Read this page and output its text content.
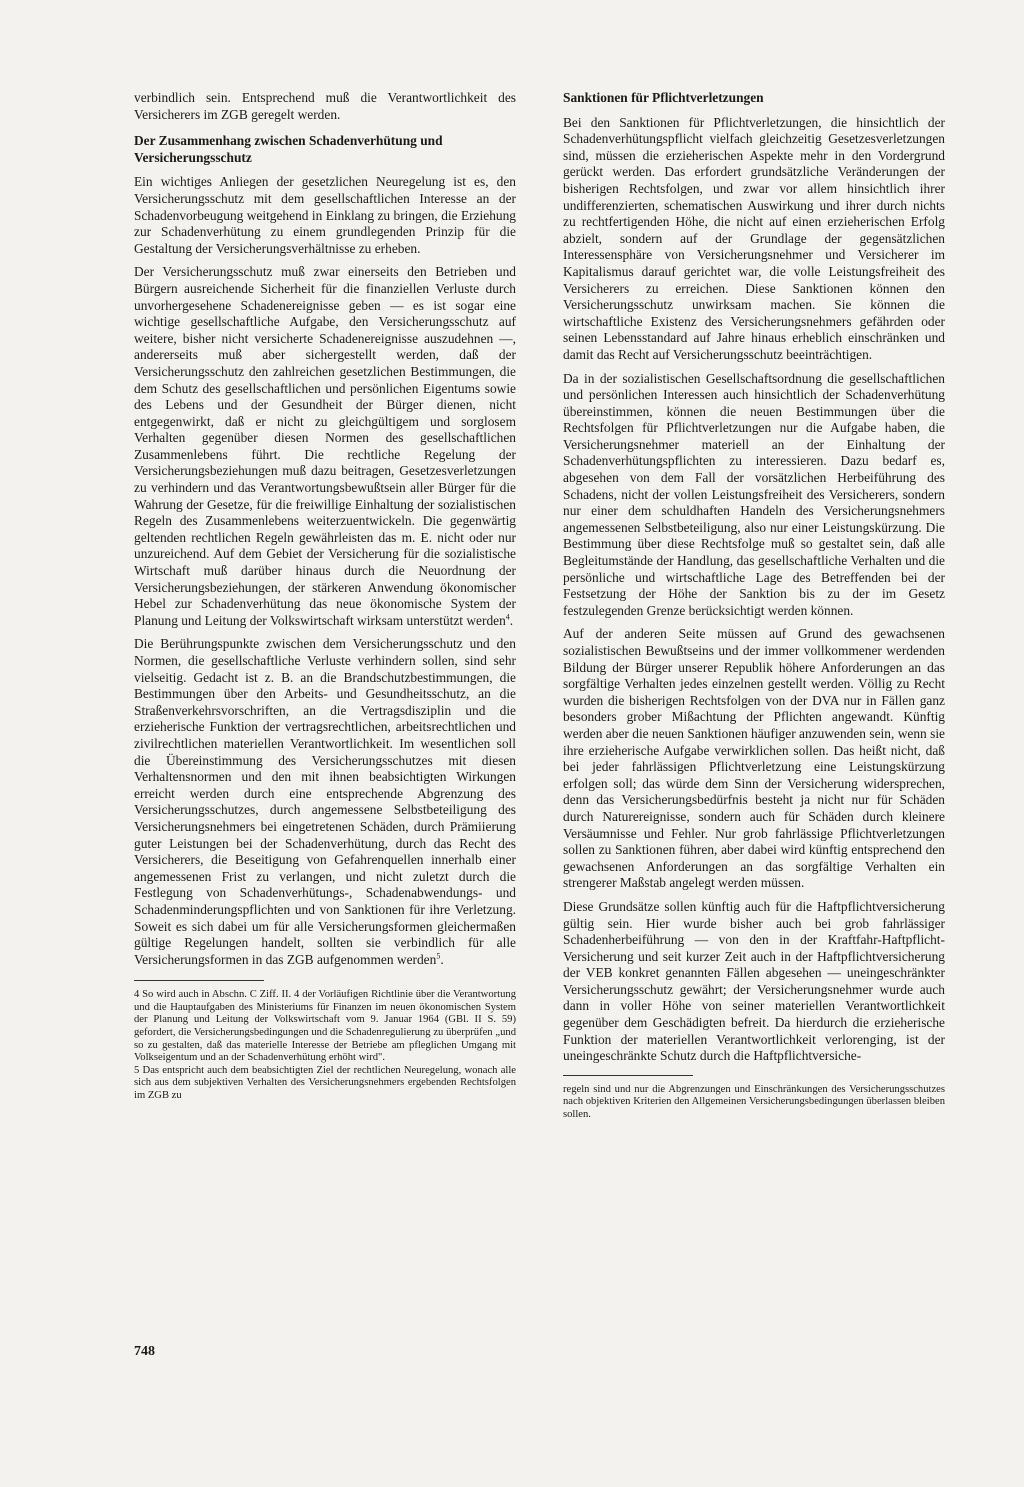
verbindlich sein. Entsprechend muß die Verantwortlichkeit des Versicherers im ZGB geregelt werden.

Der Zusammenhang zwischen Schadenverhütung und Versicherungsschutz

Ein wichtiges Anliegen der gesetzlichen Neuregelung ist es, den Versicherungsschutz mit dem gesellschaftlichen Interesse an der Schadenvorbeugung weitgehend in Einklang zu bringen, die Erziehung zur Schadenverhütung zu einem grundlegenden Prinzip für die Gestaltung der Versicherungsverhältnisse zu erheben.

Der Versicherungsschutz muß zwar einerseits den Betrieben und Bürgern ausreichende Sicherheit für die finanziellen Verluste durch unvorhergesehene Schadenereignisse geben — es ist sogar eine wichtige gesellschaftliche Aufgabe, den Versicherungsschutz auf weitere, bisher nicht versicherte Schadenereignisse auszudehnen —, andererseits muß aber sichergestellt werden, daß der Versicherungsschutz den zahlreichen gesetzlichen Bestimmungen, die dem Schutz des gesellschaftlichen und persönlichen Eigentums sowie des Lebens und der Gesundheit der Bürger dienen, nicht entgegenwirkt, daß er nicht zu gleichgültigem und sorglosem Verhalten gegenüber diesen Normen des gesellschaftlichen Zusammenlebens führt. Die rechtliche Regelung der Versicherungsbeziehungen muß dazu beitragen, Gesetzesverletzungen zu verhindern und das Verantwortungsbewußtsein aller Bürger für die Wahrung der Gesetze, für die freiwillige Einhaltung der sozialistischen Regeln des Zusammenlebens weiterzuentwickeln. Die gegenwärtig geltenden rechtlichen Regeln gewährleisten das m. E. nicht oder nur unzureichend. Auf dem Gebiet der Versicherung für die sozialistische Wirtschaft muß darüber hinaus durch die Neuordnung der Versicherungsbeziehungen, der stärkeren Anwendung ökonomischer Hebel zur Schadenverhütung das neue ökonomische System der Planung und Leitung der Volkswirtschaft wirksam unterstützt werden$^4$.

Die Berührungspunkte zwischen dem Versicherungsschutz und den Normen, die gesellschaftliche Verluste verhindern sollen, sind sehr vielseitig. Gedacht ist z. B. an die Brandschutzbestimmungen, die Bestimmungen über den Arbeits- und Gesundheitsschutz, an die Straßenverkehrsvorschriften, an die Vertragsdisziplin und die erzieherische Funktion der vertragsrechtlichen, arbeitsrechtlichen und zivilrechtlichen materiellen Verantwortlichkeit. Im wesentlichen soll die Übereinstimmung des Versicherungsschutzes mit diesen Verhaltensnormen und den mit ihnen beabsichtigten Wirkungen erreicht werden durch eine entsprechende Abgrenzung des Versicherungsschutzes, durch angemessene Selbstbeteiligung des Versicherungsnehmers bei eingetretenen Schäden, durch Prämiierung guter Leistungen bei der Schadenverhütung, durch das Recht des Versicherers, die Beseitigung von Gefahrenquellen innerhalb einer angemessenen Frist zu verlangen, und nicht zuletzt durch die Festlegung von Schadenverhütungs-, Schadenabwendungs- und Schadenminderungspflichten und von Sanktionen für ihre Verletzung. Soweit es sich dabei um für alle Versicherungsformen gleichermaßen gültige Regelungen handelt, sollten sie verbindlich für alle Versicherungsformen in das ZGB aufgenommen werden$^5$.

4 So wird auch in Abschn. C Ziff. II. 4 der Vorläufigen Richtlinie über die Verantwortung und die Hauptaufgaben des Ministeriums für Finanzen im neuen ökonomischen System der Planung und Leitung der Volkswirtschaft vom 9. Januar 1964 (GBl. II S. 59) gefordert, die Versicherungsbedingungen und die Schadenregulierung zu überprüfen „und so zu gestalten, daß das materielle Interesse der Betriebe am pfleglichen Umgang mit Volkseigentum und an der Schadenverhütung erhöht wird".

5 Das entspricht auch dem beabsichtigten Ziel der rechtlichen Neuregelung, wonach alle sich aus dem subjektiven Verhalten des Versicherungsnehmers ergebenden Rechtsfolgen im ZGB zu

Sanktionen für Pflichtverletzungen

Bei den Sanktionen für Pflichtverletzungen, die hinsichtlich der Schadenverhütungspflicht vielfach gleichzeitig Gesetzesverletzungen sind, müssen die erzieherischen Aspekte mehr in den Vordergrund gerückt werden. Das erfordert grundsätzliche Veränderungen der bisherigen Rechtsfolgen, und zwar vor allem hinsichtlich ihrer undifferenzierten, schematischen Auswirkung und ihrer durch nichts zu rechtfertigenden Höhe, die nicht auf einen erzieherischen Erfolg abzielt, sondern auf der Grundlage der gegensätzlichen Interessensphäre von Versicherungsnehmer und Versicherer im Kapitalismus darauf gerichtet war, die volle Leistungsfreiheit des Versicherers zu erreichen. Diese Sanktionen können den Versicherungsschutz unwirksam machen. Sie können die wirtschaftliche Existenz des Versicherungsnehmers gefährden oder seinen Lebensstandard auf Jahre hinaus erheblich einschränken und damit das Recht auf Versicherungsschutz beeinträchtigen.

Da in der sozialistischen Gesellschaftsordnung die gesellschaftlichen und persönlichen Interessen auch hinsichtlich der Schadenverhütung übereinstimmen, können die neuen Bestimmungen über die Rechtsfolgen für Pflichtverletzungen nur die Aufgabe haben, die Versicherungsnehmer materiell an der Einhaltung der Schadenverhütungspflichten zu interessieren. Dazu bedarf es, abgesehen von dem Fall der vorsätzlichen Herbeiführung des Schadens, nicht der vollen Leistungsfreiheit des Versicherers, sondern nur einer dem schuldhaften Handeln des Versicherungsnehmers angemessenen Selbstbeteiligung, also nur einer Leistungskürzung. Die Bestimmung über diese Rechtsfolge muß so gestaltet sein, daß alle Begleitumstände der Handlung, das gesellschaftliche Verhalten und die persönliche und wirtschaftliche Lage des Betreffenden bei der Festsetzung der Höhe der Sanktion bis zu der im Gesetz festzulegenden Grenze berücksichtigt werden können.

Auf der anderen Seite müssen auf Grund des gewachsenen sozialistischen Bewußtseins und der immer vollkommener werdenden Bildung der Bürger unserer Republik höhere Anforderungen an das sorgfältige Verhalten jedes einzelnen gestellt werden. Völlig zu Recht wurden die bisherigen Rechtsfolgen von der DVA nur in Fällen ganz besonders grober Mißachtung der Pflichten angewandt. Künftig werden aber die neuen Sanktionen häufiger anzuwenden sein, wenn sie ihre erzieherische Aufgabe verwirklichen sollen. Das heißt nicht, daß bei jeder fahrlässigen Pflichtverletzung eine Leistungskürzung erfolgen soll; das würde dem Sinn der Versicherung widersprechen, denn das Versicherungsbedürfnis besteht ja nicht nur für Schäden durch Naturereignisse, sondern auch für Schäden durch kleinere Versäumnisse und Fehler. Nur grob fahrlässige Pflichtverletzungen sollen zu Sanktionen führen, aber dabei wird künftig entsprechend den gewachsenen Anforderungen an das sorgfältige Verhalten ein strengerer Maßstab angelegt werden müssen.

Diese Grundsätze sollen künftig auch für die Haftpflichtversicherung gültig sein. Hier wurde bisher auch bei grob fahrlässiger Schadenherbeiführung — von den in der Kraftfahr-Haftpflicht-Versicherung und seit kurzer Zeit auch in der Haftpflichtversicherung der VEB konkret genannten Fällen abgesehen — uneingeschränkter Versicherungsschutz gewährt; der Versicherungsnehmer wurde auch dann in voller Höhe von seiner materiellen Verantwortlichkeit gegenüber dem Geschädigten befreit. Da hierdurch die erzieherische Funktion der materiellen Verantwortlichkeit verlorenging, ist der uneingeschränkte Schutz durch die Haftpflichtversiche-

regeln sind und nur die Abgrenzungen und Einschränkungen des Versicherungsschutzes nach objektiven Kriterien den Allgemeinen Versicherungsbedingungen überlassen bleiben sollen.

748
